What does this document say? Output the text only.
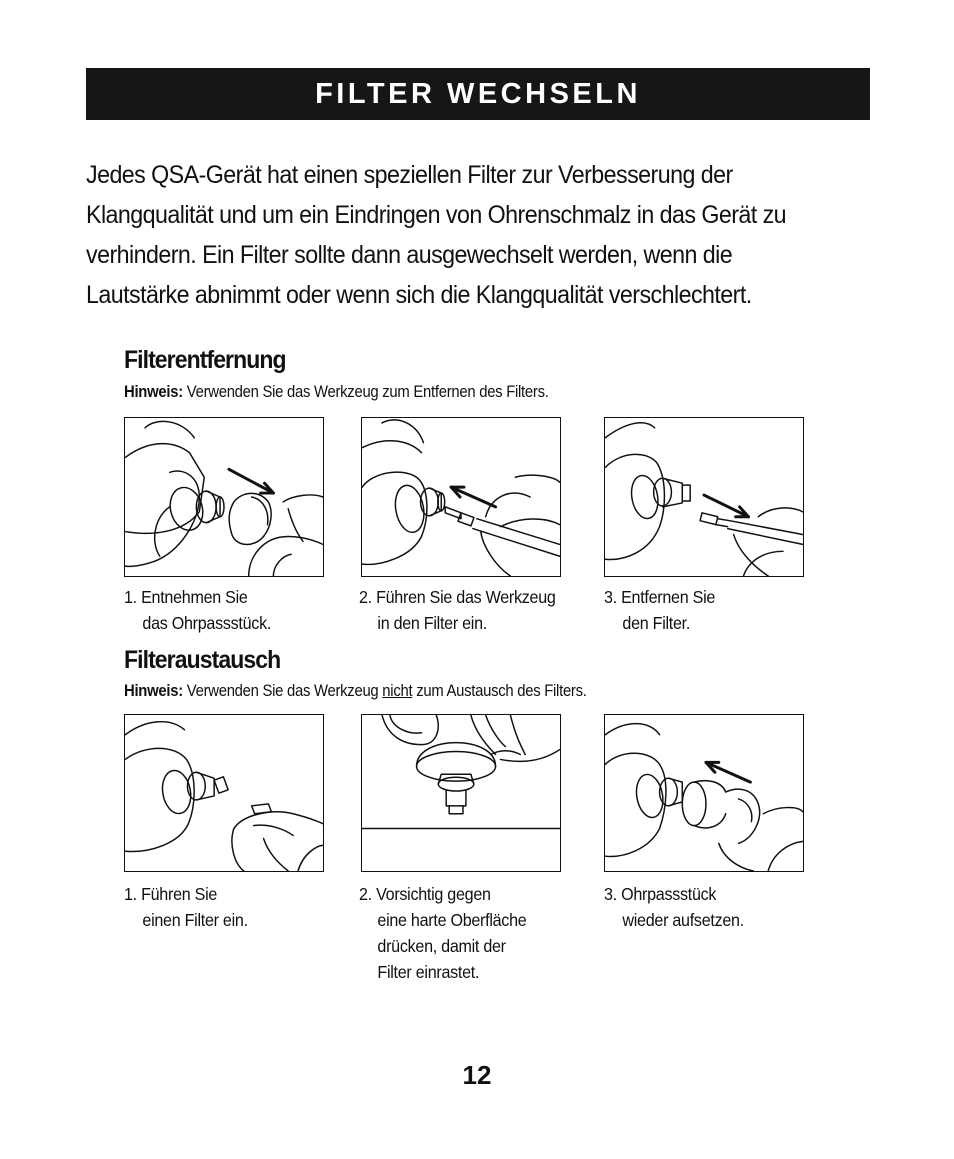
FILTER WECHSELN
Jedes QSA-Gerät hat einen speziellen Filter zur Verbesserung der Klangqualität und um ein Eindringen von Ohrenschmalz in das Gerät zu verhindern. Ein Filter sollte dann ausgewechselt werden, wenn die Lautstärke abnimmt oder wenn sich die Klangqualität verschlechtert.
Filterentfernung
Hinweis: Verwenden Sie das Werkzeug zum Entfernen des Filters.
1. Entnehmen Sie
das Ohrpassstück.
2. Führen Sie das Werkzeug
in den Filter ein.
3. Entfernen Sie
den Filter.
Filteraustausch
Hinweis: Verwenden Sie das Werkzeug nicht zum Austausch des Filters.
1. Führen Sie
einen Filter ein.
2. Vorsichtig gegen
eine harte Oberfläche
drücken, damit der
Filter einrastet.
3. Ohrpassstück
wieder aufsetzen.
12
